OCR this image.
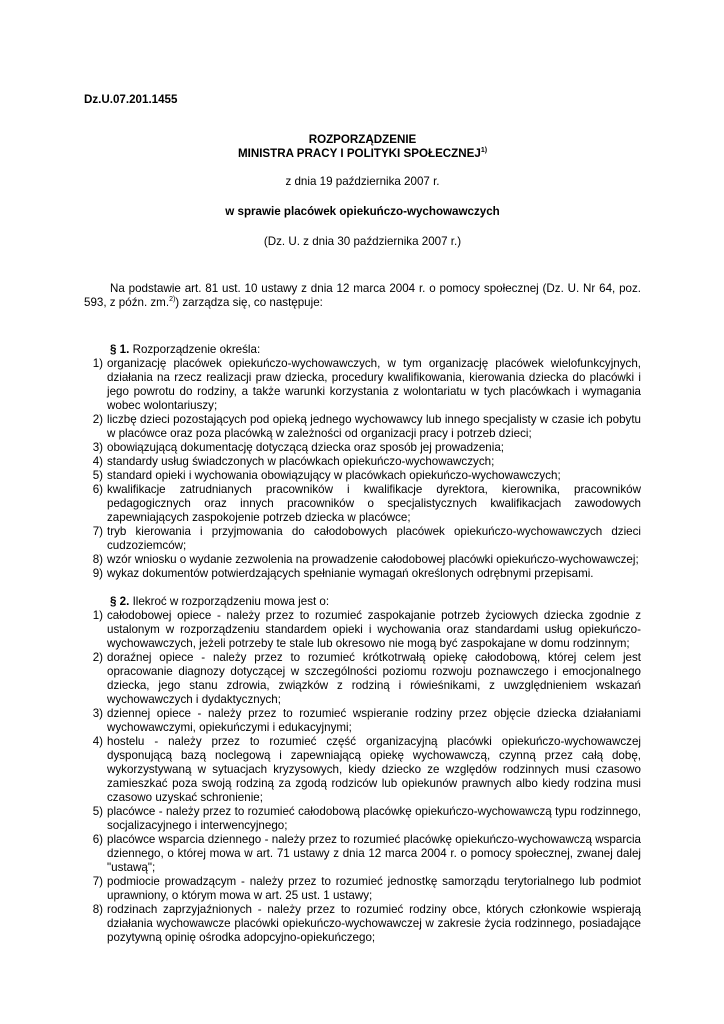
Dz.U.07.201.1455

ROZPORZĄDZENIE
MINISTRA PRACY I POLITYKI SPOŁECZNEJ$^{1)}$
z dnia 19 października 2007 r.
w sprawie placówek opiekuńczo-wychowawczych
(Dz. U. z dnia 30 października 2007 r.)
Na podstawie art. 81 ust. 10 ustawy z dnia 12 marca 2004 r. o pomocy społecznej (Dz. U. Nr 64, poz. 593, z późn. zm.$^{2)}$) zarządza się, co następuje:
§ 1. Rozporządzenie określa:
1) organizację placówek opiekuńczo-wychowawczych, w tym organizację placówek wielofunkcyjnych, działania na rzecz realizacji praw dziecka, procedury kwalifikowania, kierowania dziecka do placówki i jego powrotu do rodziny, a także warunki korzystania z wolontariatu w tych placówkach i wymagania wobec wolontariuszy;
2) liczbę dzieci pozostających pod opieką jednego wychowawcy lub innego specjalisty w czasie ich pobytu w placówce oraz poza placówką w zależności od organizacji pracy i potrzeb dzieci;
3) obowiązującą dokumentację dotyczącą dziecka oraz sposób jej prowadzenia;
4) standardy usług świadczonych w placówkach opiekuńczo-wychowawczych;
5) standard opieki i wychowania obowiązujący w placówkach opiekuńczo-wychowawczych;
6) kwalifikacje zatrudnianych pracowników i kwalifikacje dyrektora, kierownika, pracowników pedagogicznych oraz innych pracowników o specjalistycznych kwalifikacjach zawodowych zapewniających zaspokojenie potrzeb dziecka w placówce;
7) tryb kierowania i przyjmowania do całodobowych placówek opiekuńczo-wychowawczych dzieci cudzoziemców;
8) wzór wniosku o wydanie zezwolenia na prowadzenie całodobowej placówki opiekuńczo-wychowawczej;
9) wykaz dokumentów potwierdzających spełnianie wymagań określonych odrębnymi przepisami.
§ 2. Ilekroć w rozporządzeniu mowa jest o:
1) całodobowej opiece - należy przez to rozumieć zaspokajanie potrzeb życiowych dziecka zgodnie z ustalonym w rozporządzeniu standardem opieki i wychowania oraz standardami usług opiekuńczo-wychowawczych, jeżeli potrzeby te stale lub okresowo nie mogą być zaspokajane w domu rodzinnym;
2) doraźnej opiece - należy przez to rozumieć krótkotrwałą opiekę całodobową, której celem jest opracowanie diagnozy dotyczącej w szczególności poziomu rozwoju poznawczego i emocjonalnego dziecka, jego stanu zdrowia, związków z rodziną i rówieśnikami, z uwzględnieniem wskazań wychowawczych i dydaktycznych;
3) dziennej opiece - należy przez to rozumieć wspieranie rodziny przez objęcie dziecka działaniami wychowawczymi, opiekuńczymi i edukacyjnymi;
4) hostelu - należy przez to rozumieć część organizacyjną placówki opiekuńczo-wychowawczej dysponującą bazą noclegową i zapewniającą opiekę wychowawczą, czynną przez całą dobę, wykorzystywaną w sytuacjach kryzysowych, kiedy dziecko ze względów rodzinnych musi czasowo zamieszkać poza swoją rodziną za zgodą rodziców lub opiekunów prawnych albo kiedy rodzina musi czasowo uzyskać schronienie;
5) placówce - należy przez to rozumieć całodobową placówkę opiekuńczo-wychowawczą typu rodzinnego, socjalizacyjnego i interwencyjnego;
6) placówce wsparcia dziennego - należy przez to rozumieć placówkę opiekuńczo-wychowawczą wsparcia dziennego, o której mowa w art. 71 ustawy z dnia 12 marca 2004 r. o pomocy społecznej, zwanej dalej "ustawą";
7) podmiocie prowadzącym - należy przez to rozumieć jednostkę samorządu terytorialnego lub podmiot uprawniony, o którym mowa w art. 25 ust. 1 ustawy;
8) rodzinach zaprzyjaźnionych - należy przez to rozumieć rodziny obce, których członkowie wspierają działania wychowawcze placówki opiekuńczo-wychowawczej w zakresie życia rodzinnego, posiadające pozytywną opinię ośrodka adopcyjno-opiekuńczego;
